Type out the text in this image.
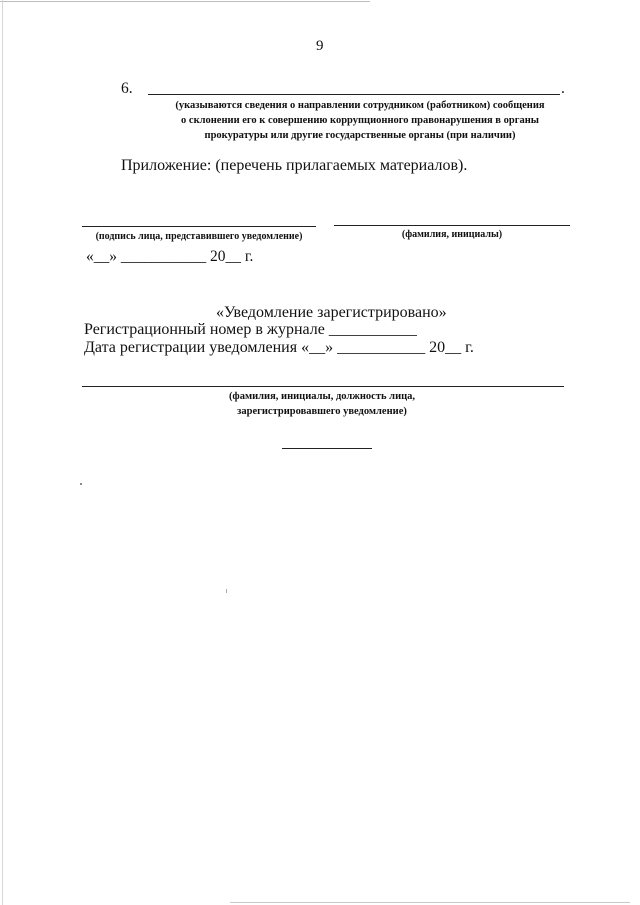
9
6.	.
(указываются сведения о направлении сотрудником (работником) сообщения
о склонении его к совершению коррупционного правонарушения в органы
прокуратуры или другие государственные органы (при наличии)
Приложение: (перечень прилагаемых материалов).
(подпись лица, представившего уведомление)	(фамилия, инициалы)
«__» ___________ 20__ г.
«Уведомление зарегистрировано»
Регистрационный номер в журнале ___________
Дата регистрации уведомления «__» ___________ 20__ г.
(фамилия, инициалы, должность лица,
зарегистрировавшего уведомление)
